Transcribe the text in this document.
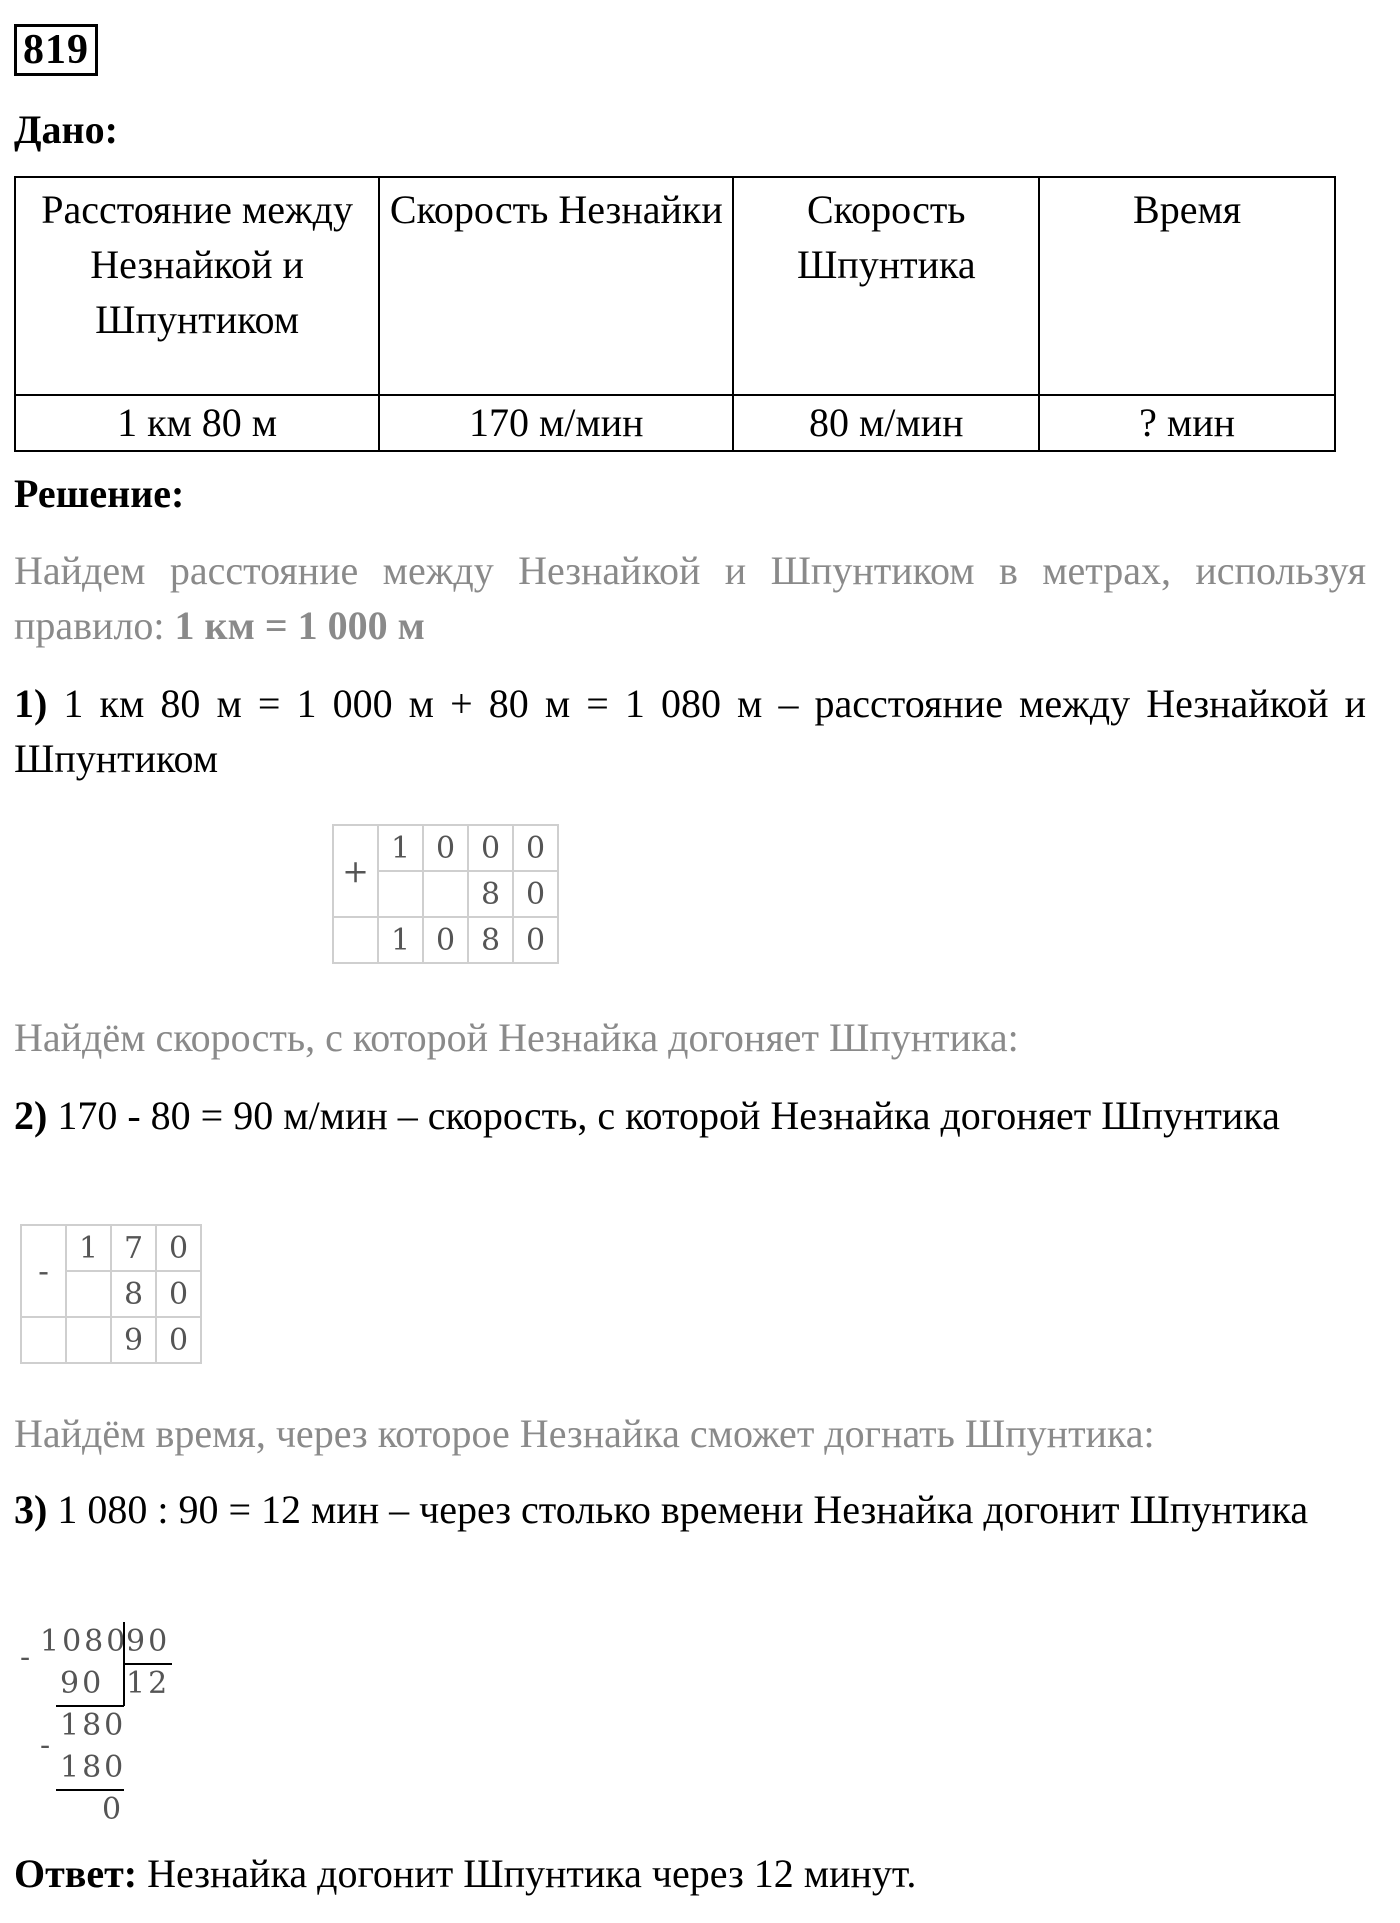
819
Дано:
Расстояние между Незнайкой и Шпунтиком	Скорость Незнайки	Скорость Шпунтика	Время
1 км 80 м	170 м/мин	80 м/мин	? мин
Решение:
Найдем расстояние между Незнайкой и Шпунтиком в метрах, используя правило: 1 км = 1 000 м
1) 1 км 80 м = 1 000 м + 80 м = 1 080 м – расстояние между Незнайкой и Шпунтиком
+	1	0	0	0
			8	0
	1	0	8	0
Найдём скорость, с которой Незнайка догоняет Шпунтика:
2) 170 - 80 = 90 м/мин – скорость, с которой Незнайка догоняет Шпунтика
-	1	7	0
		8	0
		9	0
Найдём время, через которое Незнайка сможет догнать Шпунтика:
3) 1 080 : 90 = 12 мин – через столько времени Незнайка догонит Шпунтика
1080
-	90
12
90
180
-
180
0
Ответ: Незнайка догонит Шпунтика через 12 минут.
